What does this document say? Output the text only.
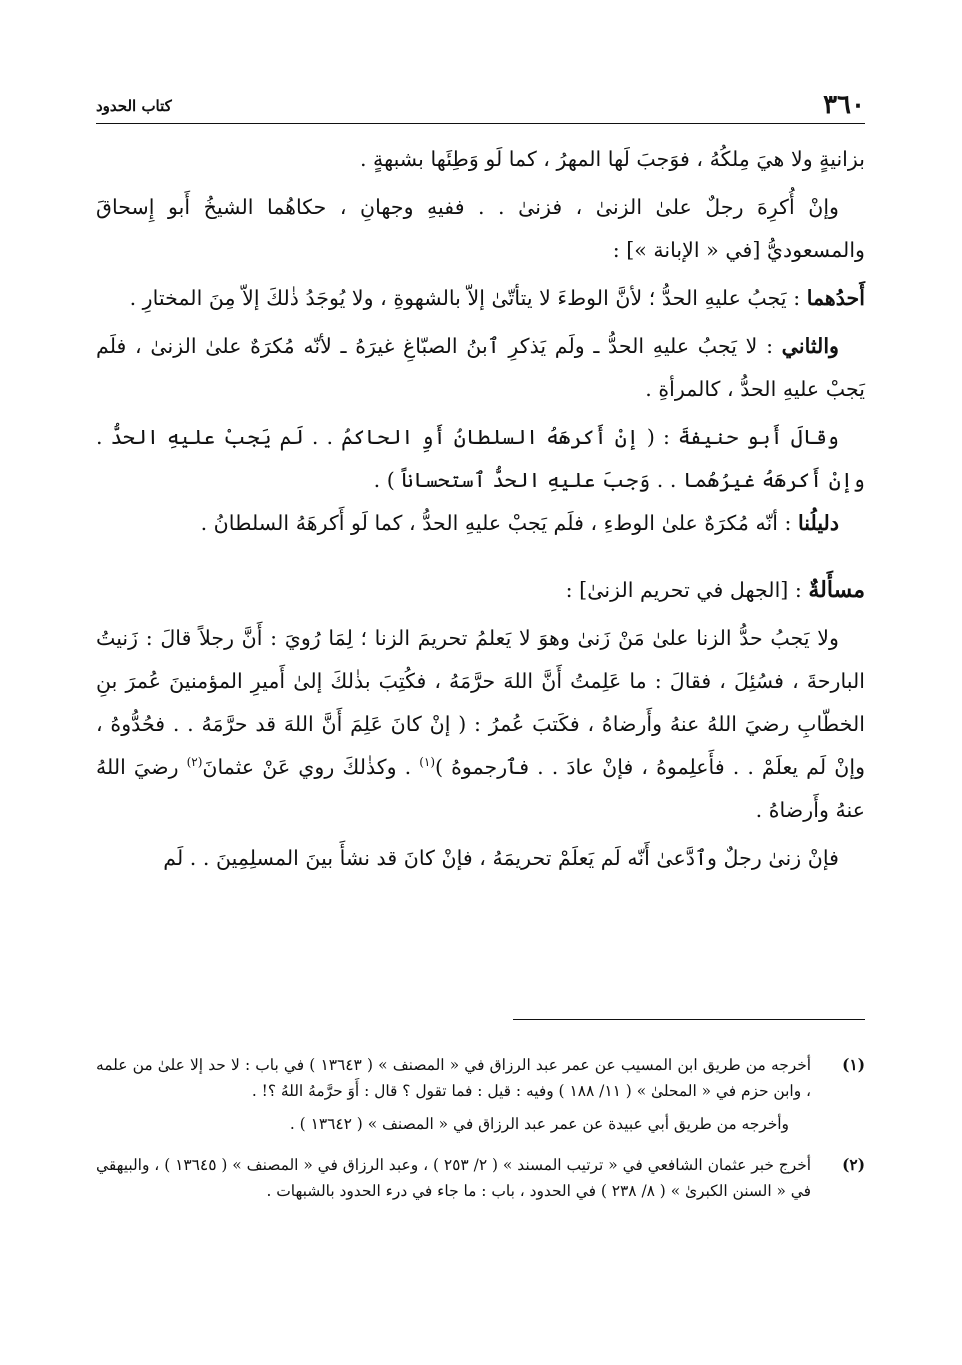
٣٦٠
كتاب الحدود

بزانيةٍ ولا هيَ مِلكُهُ ، فوَجبَ لَها المهرُ ، كما لَو وَطِئَها بشبهةٍ .

وإنْ أُكرِهَ رجلٌ علىٰ الزنىٰ ، فزنىٰ . . ففيهِ وجهانِ ، حكاهُما الشيخُ أَبو إِسحاقَ والمسعوديُّ [في « الإبانة »] :

أَحدُهما : يَجبُ عليهِ الحدُّ ؛ لأنَّ الوطءَ لا يتأتّىٰ إلاّ بالشهوةِ ، ولا يُوجَدُ ذٰلكَ إلاّ مِنَ المختارِ .

والثاني : لا يَجبُ عليهِ الحدُّ ـ ولَم يَذكرِ ٱبنُ الصبّاغِ غيرَهُ ـ لأنّه مُكرَهٌ علىٰ الزنىٰ ، فلَم يَجبْ عليهِ الحدُّ ، كالمرأةِ .

وقالَ أَبو حنيفةَ : ( إنْ أَكرهَهُ السلطانُ أَوِ الحاكمُ . . لَم يَجبْ عليهِ الحدُّ . وإنْ أَكرهَهُ غيرُهُما . . وَجبَ عليهِ الحدُّ ٱستحساناً ) .

دليلُنا : أنّه مُكرَهٌ علىٰ الوطءِ ، فلَم يَجبْ عليهِ الحدُّ ، كما لَو أَكرهَهُ السلطانُ .

مسأَلةٌ : [الجهل في تحريم الزنىٰ] :

ولا يَجبُ حدُّ الزنا علىٰ مَنْ زَنىٰ وهوَ لا يَعلمُ تحريمَ الزنا ؛ لِمَا رُويَ : أَنَّ رجلاً قالَ : زَنيتُ البارحةَ ، فسُئِلَ ، فقالَ : ما عَلِمتُ أَنَّ اللهَ حرَّمَهُ ، فكُتِبَ بذٰلكَ إلىٰ أَميرِ المؤمنينَ عُمرَ بنِ الخطّابِ رضيَ اللهُ عنهُ وأَرضاهُ ، فكَتبَ عُمرُ : ( إنْ كانَ عَلِمَ أَنَّ اللهَ قد حرَّمَهُ . . فحُدُّوهُ ، وإنْ لَم يعلَمْ . . فأَعلِموهُ ، فإنْ عادَ . . فٱرجموهُ )$^{(١)}$ . وكذٰلكَ روي عَنْ عثمانَ$^{(٢)}$ رضيَ اللهُ عنهُ وأَرضاهُ .

فإنْ زنىٰ رجلٌ وٱدَّعىٰ أَنّه لَم يَعلَمْ تحريمَهُ ، فإنْ كانَ قد نشأَ بينَ المسلِمِينَ . . لَم

(١)
أخرجه من طريق ابن المسيب عن عمر عبد الرزاق في « المصنف » ( ١٣٦٤٣ ) في باب : لا حد إلا علىٰ من علمه ، وابن حزم في « المحلىٰ » ( ١١/ ١٨٨ ) وفيه : قيل : فما تقول ؟ قال : أَوَ حرَّمهُ اللهُ ؟! .

وأخرجه من طريق أبي عبيدة عن عمر عبد الرزاق في « المصنف » ( ١٣٦٤٢ ) .

(٢)
أخرج خبر عثمان الشافعي في « ترتيب المسند » ( ٢/ ٢٥٣ ) ، وعبد الرزاق في « المصنف » ( ١٣٦٤٥ ) ، والبيهقي في « السنن الكبرىٰ » ( ٨/ ٢٣٨ ) في الحدود ، باب : ما جاء في درء الحدود بالشبهات .
